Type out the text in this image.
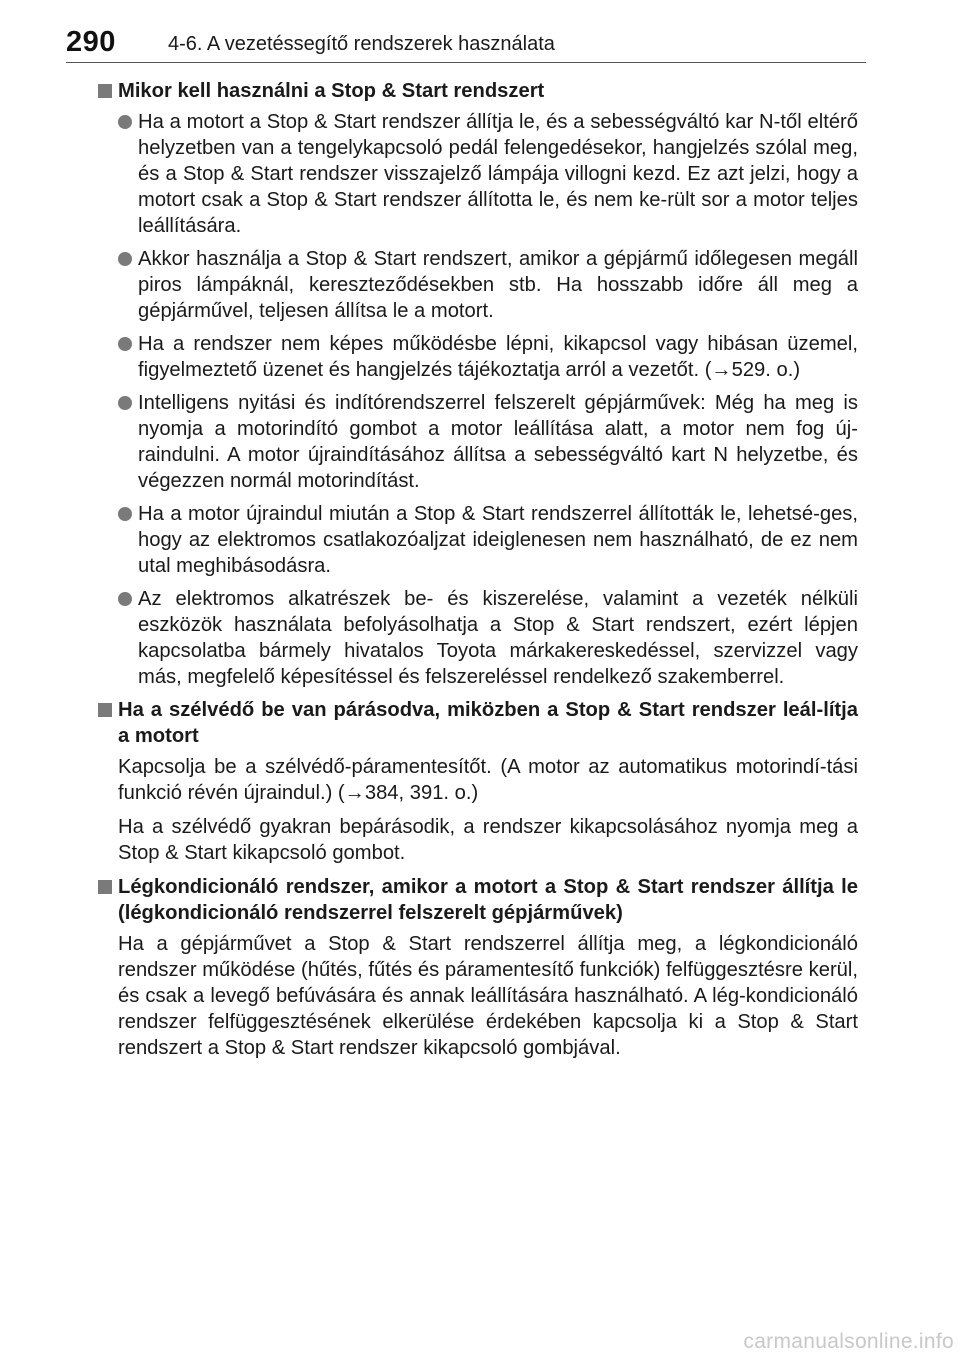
290	4-6. A vezetéssegítő rendszerek használata
Mikor kell használni a Stop & Start rendszert
Ha a motort a Stop & Start rendszer állítja le, és a sebességváltó kar N-től eltérő helyzetben van a tengelykapcsoló pedál felengedésekor, hangjelzés szólal meg, és a Stop & Start rendszer visszajelző lámpája villogni kezd. Ez azt jelzi, hogy a motort csak a Stop & Start rendszer állította le, és nem ke-rült sor a motor teljes leállítására.
Akkor használja a Stop & Start rendszert, amikor a gépjármű időlegesen megáll piros lámpáknál, kereszteződésekben stb. Ha hosszabb időre áll meg a gépjárművel, teljesen állítsa le a motort.
Ha a rendszer nem képes működésbe lépni, kikapcsol vagy hibásan üzemel, figyelmeztető üzenet és hangjelzés tájékoztatja arról a vezetőt. (→529. o.)
Intelligens nyitási és indítórendszerrel felszerelt gépjárművek: Még ha meg is nyomja a motorindító gombot a motor leállítása alatt, a motor nem fog új-raindulni. A motor újraindításához állítsa a sebességváltó kart N helyzetbe, és végezzen normál motorindítást.
Ha a motor újraindul miután a Stop & Start rendszerrel állították le, lehetsé-ges, hogy az elektromos csatlakozóaljzat ideiglenesen nem használható, de ez nem utal meghibásodásra.
Az elektromos alkatrészek be- és kiszerelése, valamint a vezeték nélküli eszközök használata befolyásolhatja a Stop & Start rendszert, ezért lépjen kapcsolatba bármely hivatalos Toyota márkakereskedéssel, szervizzel vagy más, megfelelő képesítéssel és felszereléssel rendelkező szakemberrel.
Ha a szélvédő be van párásodva, miközben a Stop & Start rendszer leál-lítja a motort
Kapcsolja be a szélvédő-páramentesítőt. (A motor az automatikus motorindí-tási funkció révén újraindul.) (→384, 391. o.)
Ha a szélvédő gyakran bepárásodik, a rendszer kikapcsolásához nyomja meg a Stop & Start kikapcsoló gombot.
Légkondicionáló rendszer, amikor a motort a Stop & Start rendszer állítja le (légkondicionáló rendszerrel felszerelt gépjárművek)
Ha a gépjárművet a Stop & Start rendszerrel állítja meg, a légkondicionáló rendszer működése (hűtés, fűtés és páramentesítő funkciók) felfüggesztésre kerül, és csak a levegő befúvására és annak leállítására használható. A lég-kondicionáló rendszer felfüggesztésének elkerülése érdekében kapcsolja ki a Stop & Start rendszert a Stop & Start rendszer kikapcsoló gombjával.
carmanualsonline.info
